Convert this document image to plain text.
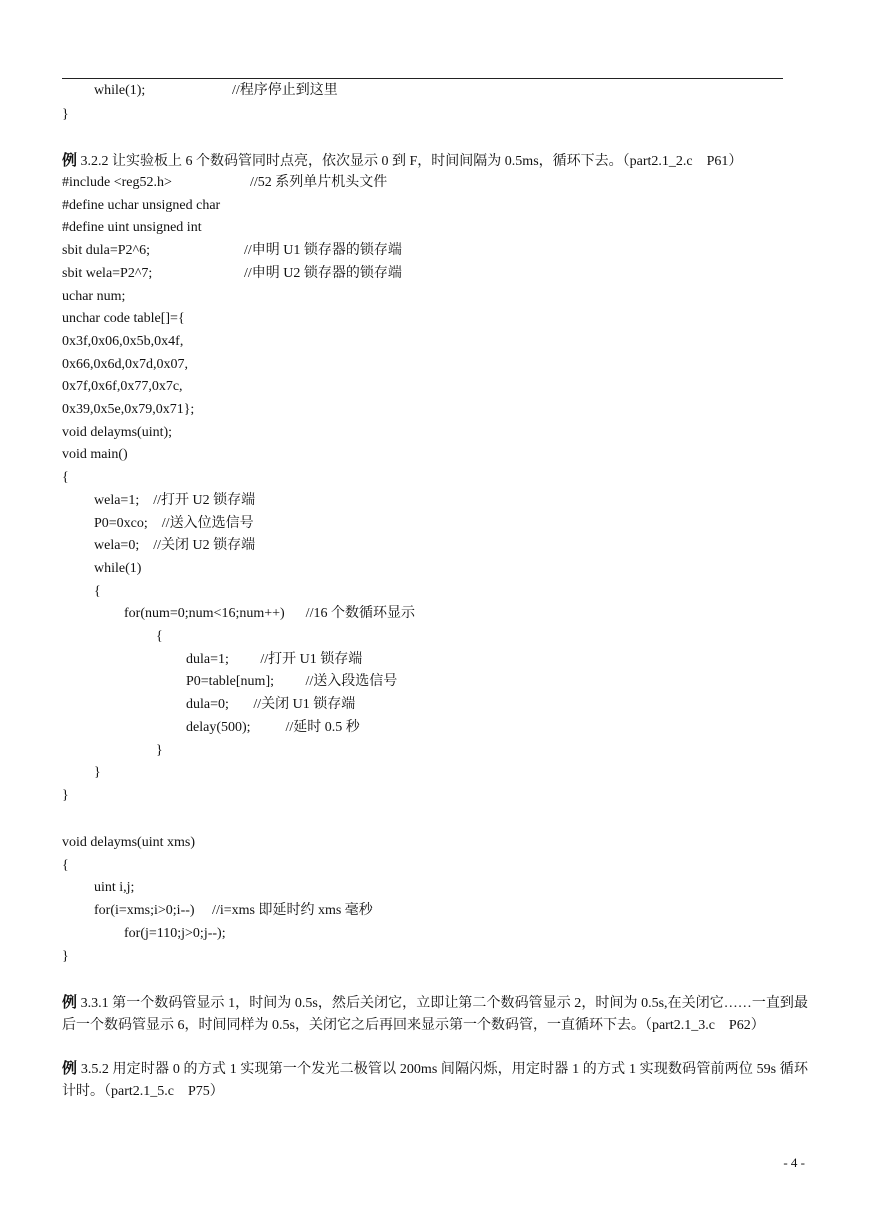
while(1);	//程序停止到这里
}
例 3.2.2 让实验板上 6 个数码管同时点亮，依次显示 0 到 F，时间间隔为 0.5ms，循环下去。（part2.1_2.c　P61）
#include <reg52.h>	//52 系列单片机头文件
#define uchar unsigned char
#define uint unsigned int
sbit dula=P2^6;	//申明 U1 锁存器的锁存端
sbit wela=P2^7;	//申明 U2 锁存器的锁存端
uchar num;
unchar code table[]={
0x3f,0x06,0x5b,0x4f,
0x66,0x6d,0x7d,0x07,
0x7f,0x6f,0x77,0x7c,
0x39,0x5e,0x79,0x71};
void delayms(uint);
void main()
{
wela=1;    //打开 U2 锁存端
P0=0xco;    //送入位选信号
wela=0;    //关闭 U2 锁存端
while(1)
{
for(num=0;num<16;num++)      //16 个数循环显示
{
dula=1;         //打开 U1 锁存端
P0=table[num];         //送入段选信号
dula=0;       //关闭 U1 锁存端
delay(500);          //延时 0.5 秒
}
}
}
void delayms(uint xms)
{
uint i,j;
for(i=xms;i>0;i--)     //i=xms 即延时约 xms 毫秒
for(j=110;j>0;j--);
}
例 3.3.1 第一个数码管显示 1，时间为 0.5s，然后关闭它，立即让第二个数码管显示 2，时间为 0.5s,在关闭它……一直到最后一个数码管显示 6，时间同样为 0.5s，关闭它之后再回来显示第一个数码管，一直循环下去。（part2.1_3.c　P62）
例 3.5.2 用定时器 0 的方式 1 实现第一个发光二极管以 200ms 间隔闪烁，用定时器 1 的方式 1 实现数码管前两位 59s 循环计时。（part2.1_5.c　P75）
- 4 -
